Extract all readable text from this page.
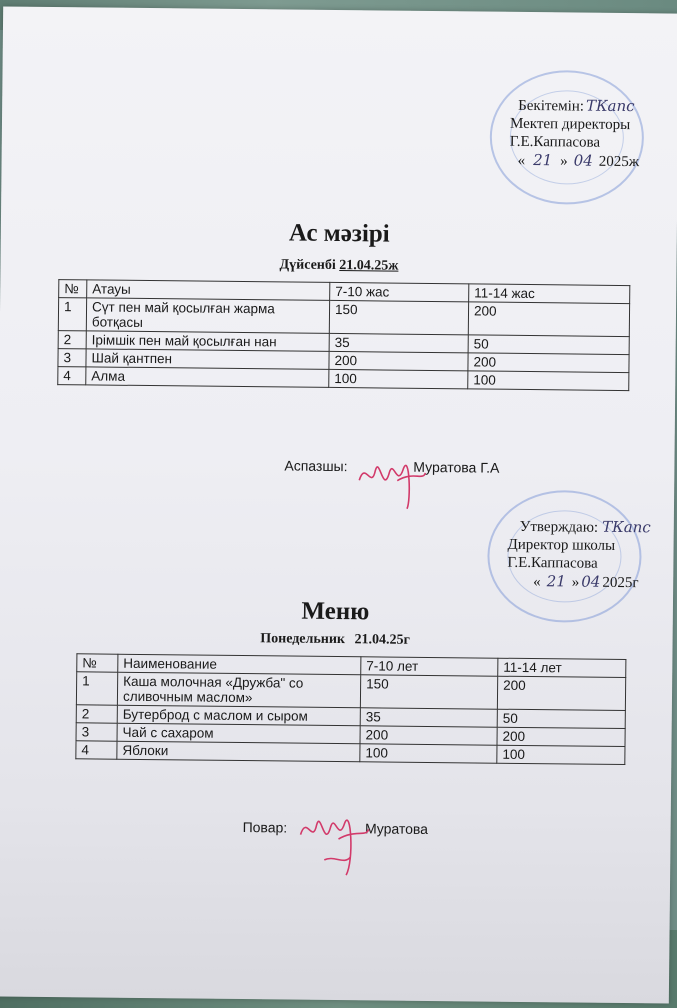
Бекітемін: ТКапс
Мектеп директоры
Г.Е.Каппасова
« 21 » 04 2025ж
Ас мәзірі
Дүйсенбі 21.04.25ж
№	Атауы	7-10 жас	11-14 жас
1	Сүт пен май қосылған жарма ботқасы	150	200
2	Ірімшік пен май қосылған нан	35	50
3	Шай қантпен	200	200
4	Алма	100	100
Аспазшы:	Муратова Г.А
Утверждаю: ТКапс
Директор школы
Г.Е.Каппасова
« 21 » 04 2025г
Меню
Понедельник 21.04.25г
№	Наименование	7-10 лет	11-14 лет
1	Каша молочная «Дружба" со сливочным маслом»	150	200
2	Бутерброд с маслом и сыром	35	50
3	Чай с сахаром	200	200
4	Яблоки	100	100
Повар:	Муратова
